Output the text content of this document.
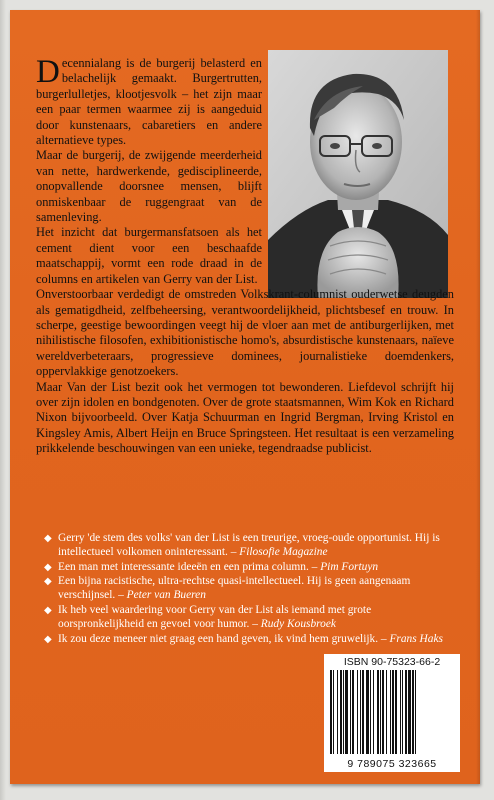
D ecennialang is de burgerij belasterd en belachelijk gemaakt. Burgertrutten, burgerlulletjes, klootjesvolk – het zijn maar een paar termen waarmee zij is aangeduid door kunstenaars, cabaretiers en andere alternatieve types.

Maar de burgerij, de zwijgende meerderheid van nette, hardwerkende, gedisciplineerde, onopvallende doorsnee mensen, blijft onmiskenbaar de ruggengraat van de samenleving.

Het inzicht dat burgermansfatsoen als het cement dient voor een beschaafde maatschappij, vormt een rode draad in de columns en artikelen van Gerry van der List.

Onverstoorbaar verdedigt de omstreden Volkskrant-columnist ouderwetse deugden als gematigdheid, zelfbeheersing, verantwoordelijkheid, plichtsbesef en trouw. In scherpe, geestige bewoordingen veegt hij de vloer aan met de antiburgerlijken, met nihilistische filosofen, exhibitionistische homo's, absurdistische kunstenaars, naïeve wereldverbeteraars, progressieve dominees, journalistieke doemdenkers, oppervlakkige genotzoekers.

Maar Van der List bezit ook het vermogen tot bewonderen. Liefdevol schrijft hij over zijn idolen en bondgenoten. Over de grote staatsmannen, Wim Kok en Richard Nixon bijvoorbeeld. Over Katja Schuurman en Ingrid Bergman, Irving Kristol en Kingsley Amis, Albert Heijn en Bruce Springsteen. Het resultaat is een verzameling prikkelende beschouwingen van een unieke, tegendraadse publicist.

◆ Gerry 'de stem des volks' van der List is een treurige, vroeg-oude opportunist. Hij is intellectueel volkomen oninteressant. – Filosofie Magazine
◆ Een man met interessante ideeën en een prima column. – Pim Fortuyn
◆ Een bijna racistische, ultra-rechtse quasi-intellectueel. Hij is geen aangenaam verschijnsel. – Peter van Bueren
◆ Ik heb veel waardering voor Gerry van der List als iemand met grote oorspronkelijkheid en gevoel voor humor. – Rudy Kousbroek
◆ Ik zou deze meneer niet graag een hand geven, ik vind hem gruwelijk. – Frans Haks
ISBN 90-75323-66-2
9 789075 323665
